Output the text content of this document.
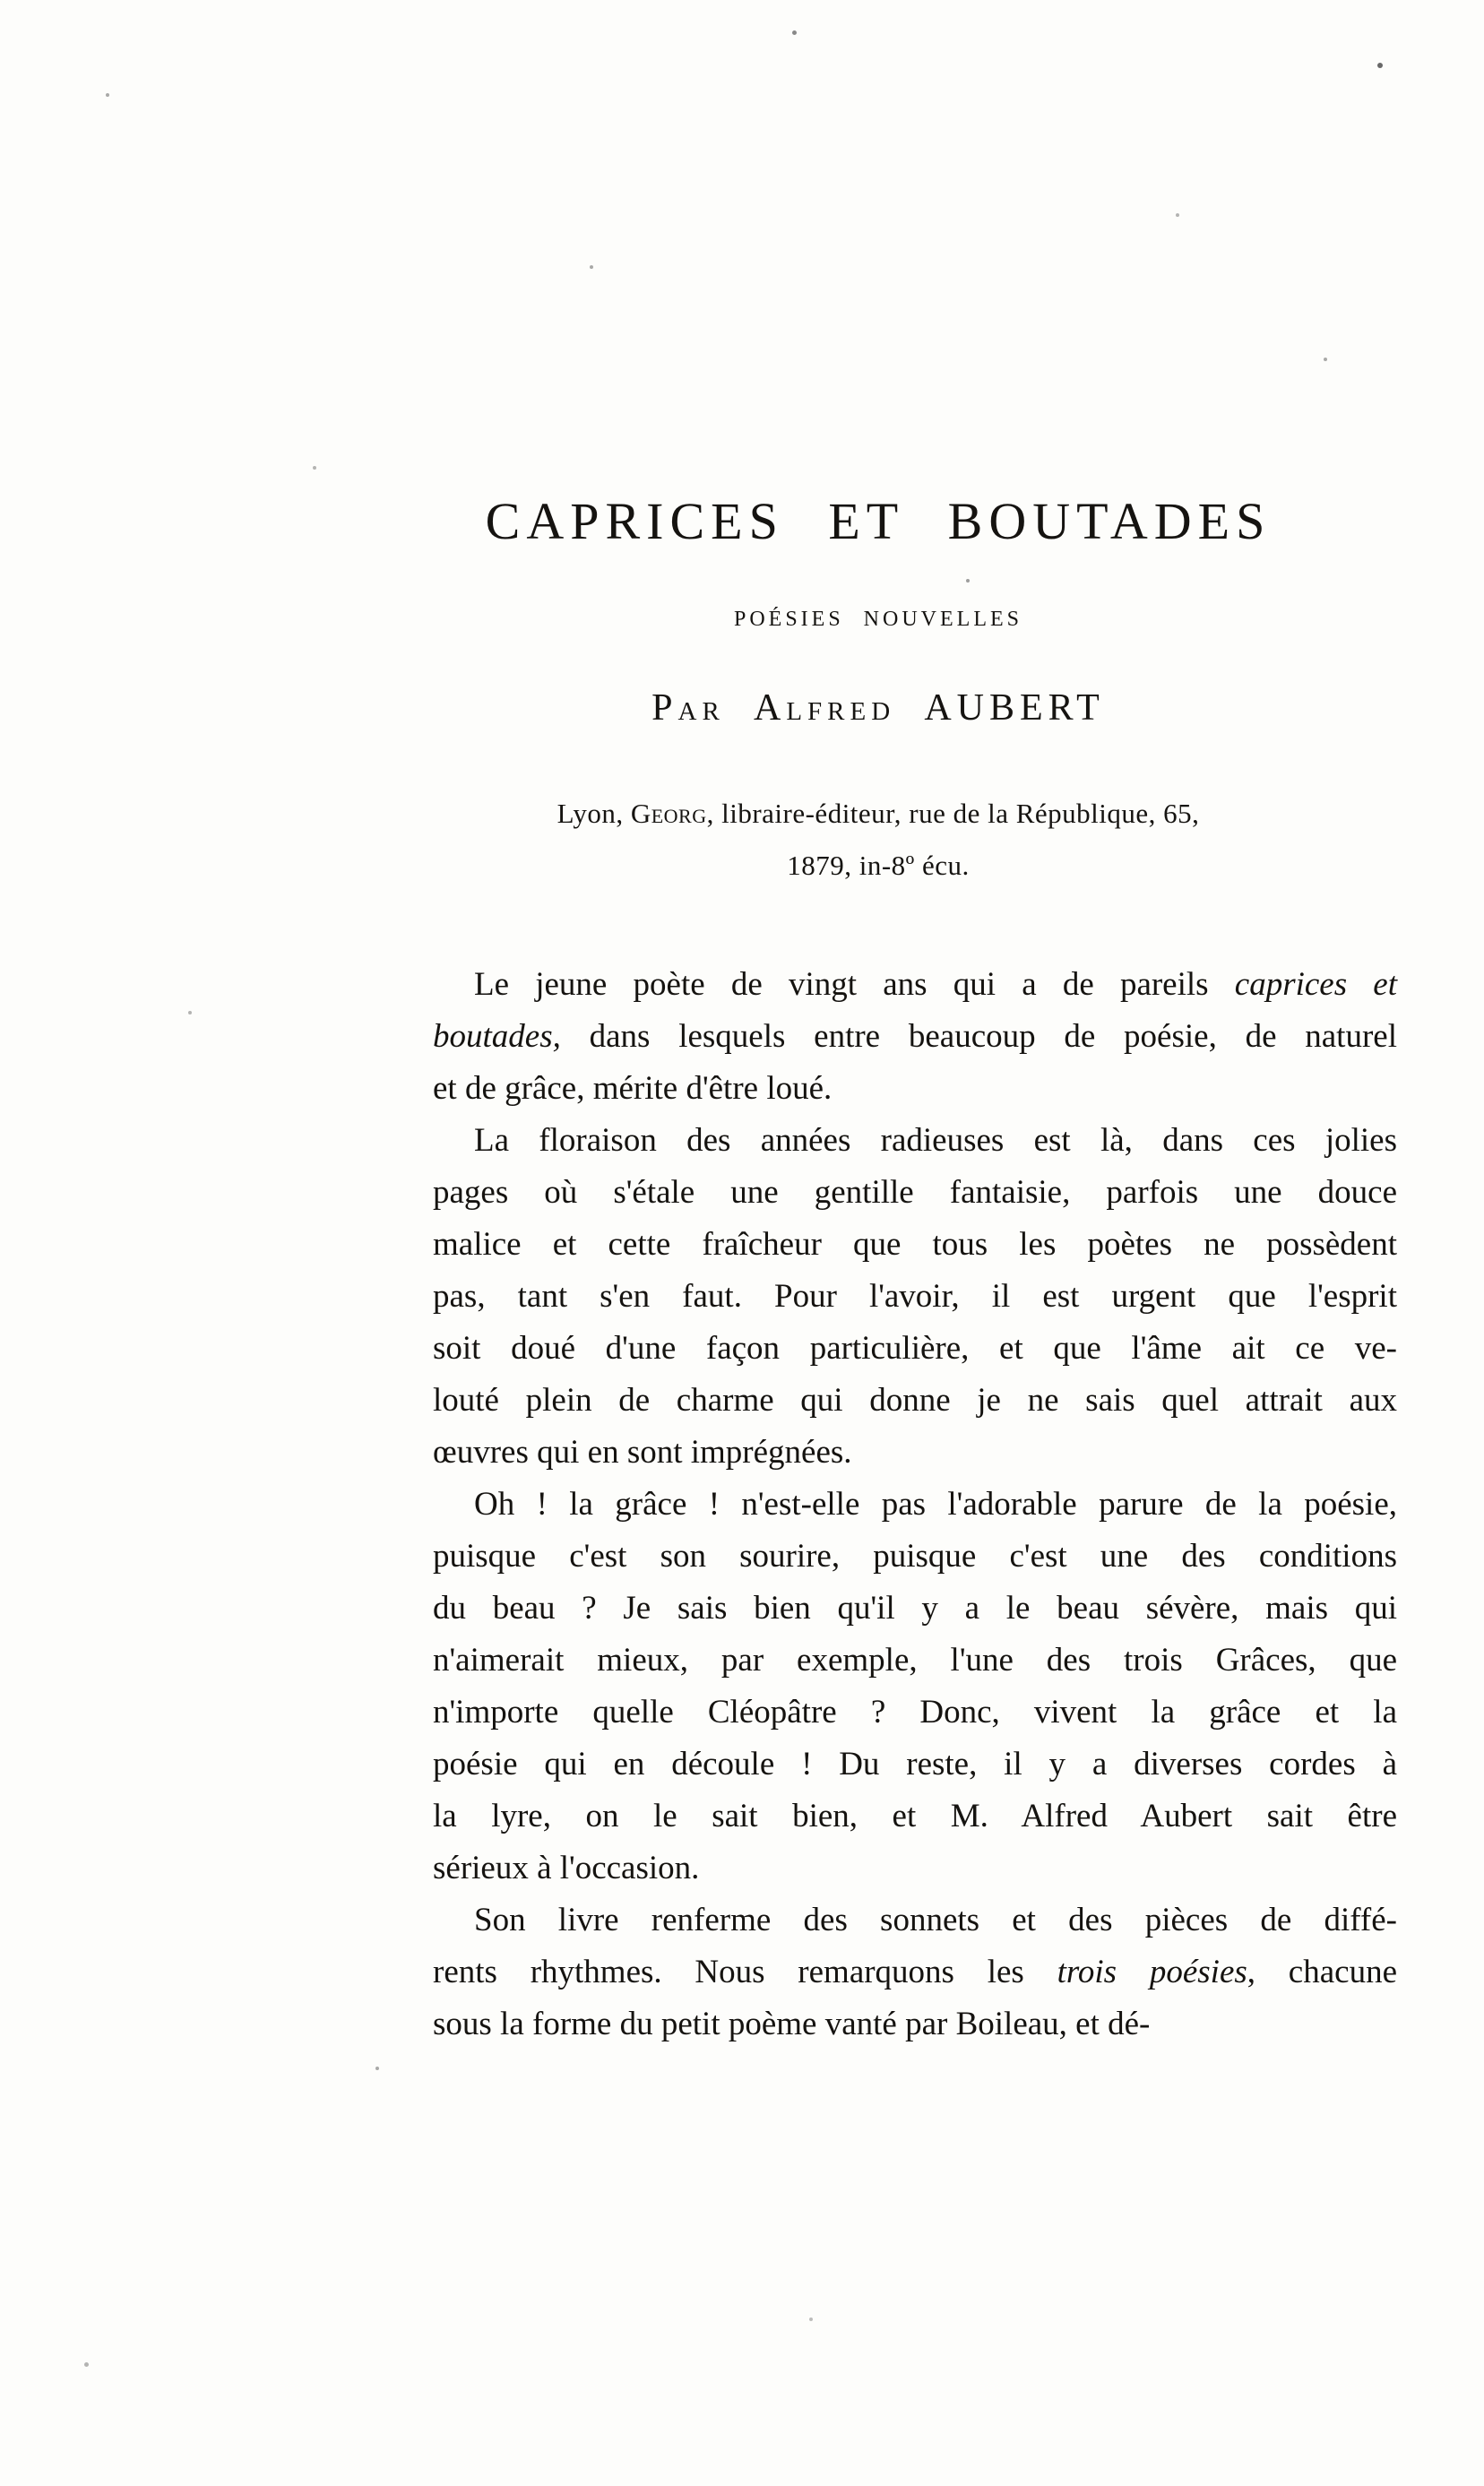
CAPRICES ET BOUTADES
POÉSIES NOUVELLES
Par Alfred AUBERT
Lyon, Georg, libraire-éditeur, rue de la République, 65,
1879, in-8º écu.
Le jeune poète de vingt ans qui a de pareils caprices et
boutades, dans lesquels entre beaucoup de poésie, de naturel
et de grâce, mérite d'être loué.
La floraison des années radieuses est là, dans ces jolies
pages où s'étale une gentille fantaisie, parfois une douce
malice et cette fraîcheur que tous les poètes ne possèdent
pas, tant s'en faut. Pour l'avoir, il est urgent que l'esprit
soit doué d'une façon particulière, et que l'âme ait ce ve-
louté plein de charme qui donne je ne sais quel attrait aux
œuvres qui en sont imprégnées.
Oh ! la grâce ! n'est-elle pas l'adorable parure de la poésie,
puisque c'est son sourire, puisque c'est une des conditions
du beau ? Je sais bien qu'il y a le beau sévère, mais qui
n'aimerait mieux, par exemple, l'une des trois Grâces, que
n'importe quelle Cléopâtre ? Donc, vivent la grâce et la
poésie qui en découle ! Du reste, il y a diverses cordes à
la lyre, on le sait bien, et M. Alfred Aubert sait être
sérieux à l'occasion.
Son livre renferme des sonnets et des pièces de diffé-
rents rhythmes. Nous remarquons les trois poésies, chacune
sous la forme du petit poème vanté par Boileau, et dé-
